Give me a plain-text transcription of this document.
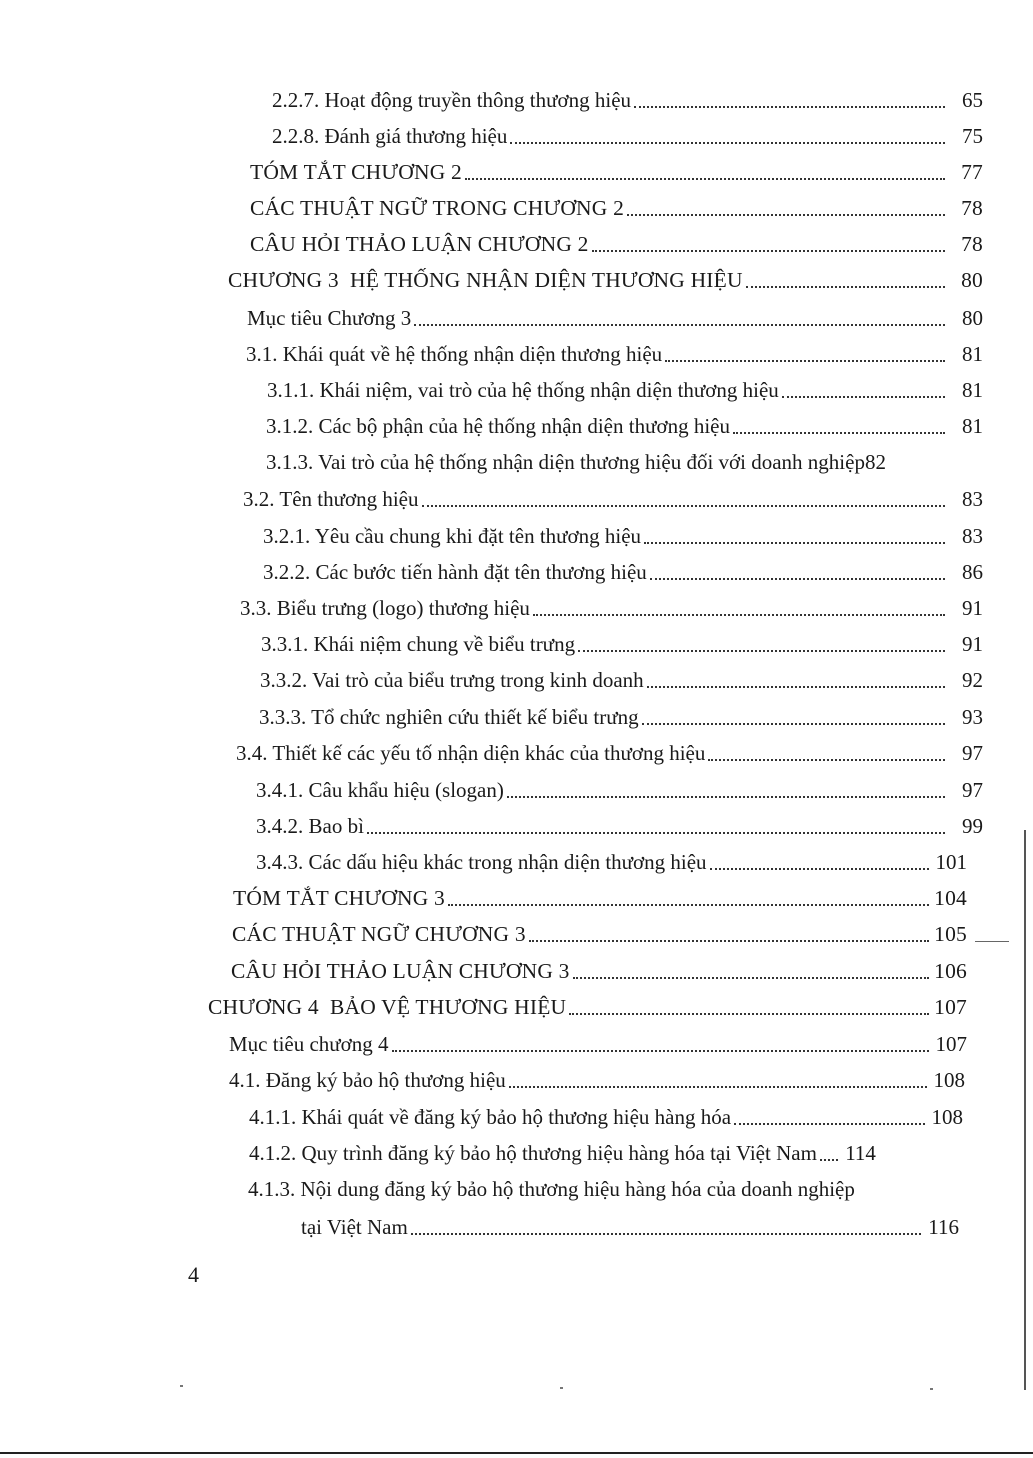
2.2.7. Hoạt động truyền thông thương hiệu	65
2.2.8. Đánh giá thương hiệu	75
TÓM TẮT CHƯƠNG 2	77
CÁC THUẬT NGỮ TRONG CHƯƠNG 2	78
CÂU HỎI THẢO LUẬN CHƯƠNG 2	78
CHƯƠNG 3  HỆ THỐNG NHẬN DIỆN THƯƠNG HIỆU	80
Mục tiêu Chương 3	80
3.1. Khái quát về hệ thống nhận diện thương hiệu	81
3.1.1. Khái niệm, vai trò của hệ thống nhận diện thương hiệu	81
3.1.2. Các bộ phận của hệ thống nhận diện thương hiệu	81
3.1.3. Vai trò của hệ thống nhận diện thương hiệu đối với doanh nghiệp 82
3.2. Tên thương hiệu	83
3.2.1. Yêu cầu chung khi đặt tên thương hiệu	83
3.2.2. Các bước tiến hành đặt tên thương hiệu	86
3.3. Biểu trưng (logo) thương hiệu	91
3.3.1. Khái niệm chung về biểu trưng	91
3.3.2. Vai trò của biểu trưng trong kinh doanh	92
3.3.3. Tổ chức nghiên cứu thiết kế biểu trưng	93
3.4. Thiết kế các yếu tố nhận diện khác của thương hiệu	97
3.4.1. Câu khẩu hiệu (slogan)	97
3.4.2. Bao bì	99
3.4.3. Các dấu hiệu khác trong nhận diện thương hiệu	101
TÓM TẮT CHƯƠNG 3	104
CÁC THUẬT NGỮ CHƯƠNG 3	105
CÂU HỎI THẢO LUẬN CHƯƠNG 3	106
CHƯƠNG 4  BẢO VỆ THƯƠNG HIỆU	107
Mục tiêu chương 4	107
4.1. Đăng ký bảo hộ thương hiệu	108
4.1.1. Khái quát về đăng ký bảo hộ thương hiệu hàng hóa	108
4.1.2. Quy trình đăng ký bảo hộ thương hiệu hàng hóa tại Việt Nam 114
4.1.3. Nội dung đăng ký bảo hộ thương hiệu hàng hóa của doanh nghiệp
tại Việt Nam	116
4
